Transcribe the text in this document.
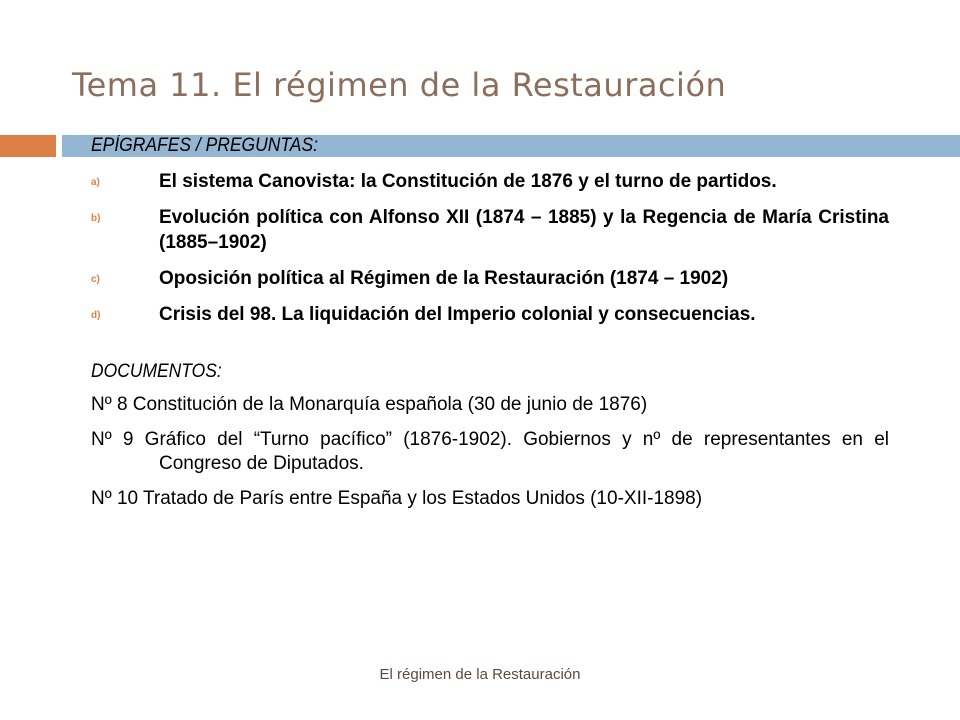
Tema 11. El régimen de la Restauración
EPÍGRAFES / PREGUNTAS:
a)	El sistema Canovista: la Constitución de 1876 y el turno de partidos.
b)	Evolución política con Alfonso XII (1874 – 1885) y la Regencia de María Cristina (1885–1902)
c)	Oposición política al Régimen de la Restauración (1874 – 1902)
d)	Crisis del 98. La liquidación del Imperio colonial y consecuencias.
DOCUMENTOS:
Nº 8 Constitución de la Monarquía española (30 de junio de 1876)
Nº 9 Gráfico del “Turno pacífico” (1876-1902). Gobiernos y nº de representantes en el Congreso de Diputados.
Nº 10 Tratado de París entre España y los Estados Unidos (10-XII-1898)
El régimen de la Restauración
